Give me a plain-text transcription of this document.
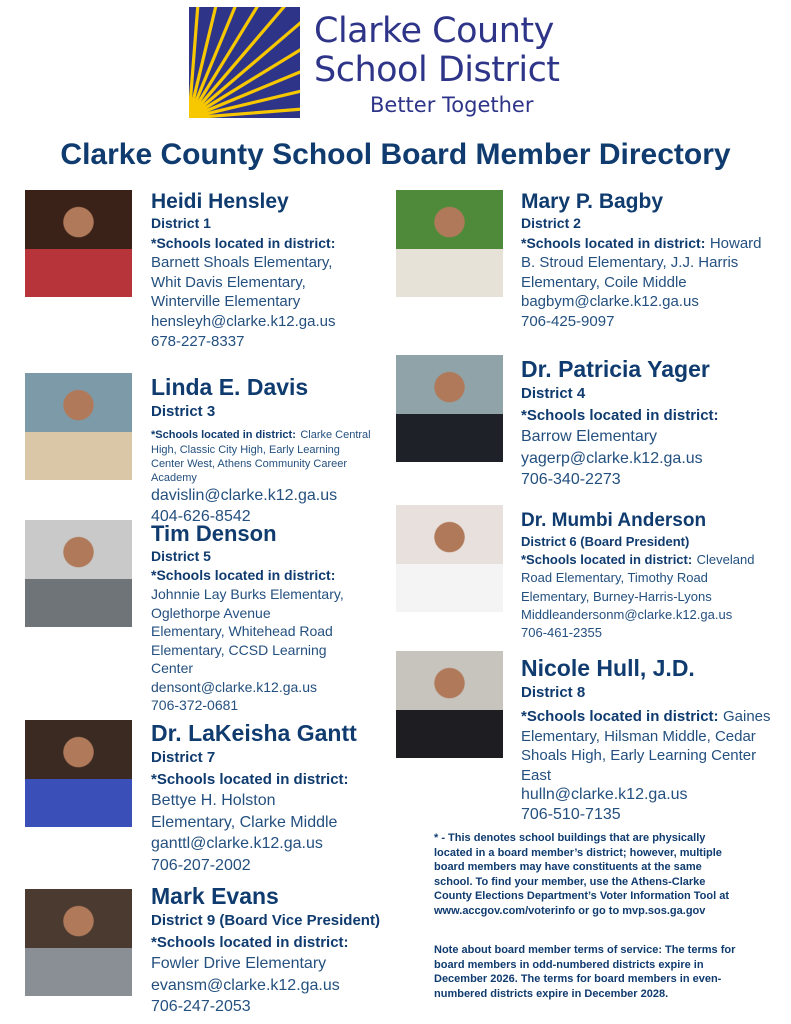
Clarke County
School District
Better Together
Clarke County School Board Member Directory
Heidi Hensley
District 1
*Schools located in district:
Barnett Shoals Elementary,
Whit Davis Elementary,
Winterville Elementary
hensleyh@clarke.k12.ga.us
678-227-8337
Linda E. Davis
District 3
*Schools located in district: Clarke Central
High, Classic City High, Early Learning
Center West, Athens Community Career
Academy
davislin@clarke.k12.ga.us
404-626-8542
Tim Denson
District 5
*Schools located in district:
Johnnie Lay Burks Elementary,
Oglethorpe Avenue
Elementary, Whitehead Road
Elementary, CCSD Learning
Center
densont@clarke.k12.ga.us
706-372-0681
Dr. LaKeisha Gantt
District 7
*Schools located in district:
Bettye H. Holston
Elementary, Clarke Middle
ganttl@clarke.k12.ga.us
706-207-2002
Mark Evans
District 9 (Board Vice President)
*Schools located in district:
Fowler Drive Elementary
evansm@clarke.k12.ga.us
706-247-2053
Mary P. Bagby
District 2
*Schools located in district: Howard
B. Stroud Elementary, J.J. Harris
Elementary, Coile Middle
bagbym@clarke.k12.ga.us
706-425-9097
Dr. Patricia Yager
District 4
*Schools located in district:
Barrow Elementary
yagerp@clarke.k12.ga.us
706-340-2273
Dr. Mumbi Anderson
District 6 (Board President)
*Schools located in district: Cleveland
Road Elementary, Timothy Road
Elementary, Burney-Harris-Lyons
Middleandersonm@clarke.k12.ga.us
706-461-2355
Nicole Hull, J.D.
District 8
*Schools located in district: Gaines
Elementary, Hilsman Middle, Cedar
Shoals High, Early Learning Center
East
hulln@clarke.k12.ga.us
706-510-7135
* - This denotes school buildings that are physically
located in a board member’s district; however, multiple
board members may have constituents at the same
school. To find your member, use the Athens-Clarke
County Elections Department’s Voter Information Tool at
www.accgov.com/voterinfo or go to mvp.sos.ga.gov
Note about board member terms of service: The terms for
board members in odd-numbered districts expire in
December 2026. The terms for board members in even-
numbered districts expire in December 2028.
